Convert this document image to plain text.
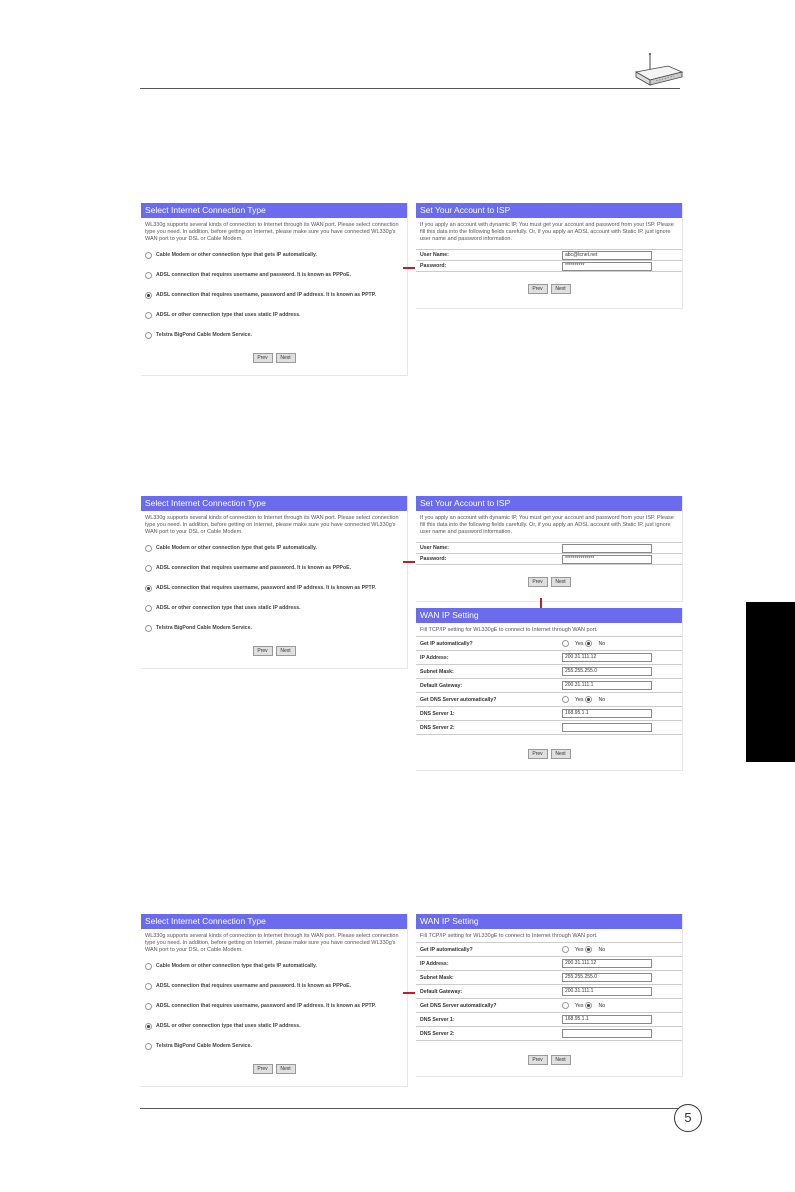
Select Internet Connection Type
WL330g supports several kinds of connection to Internet through its WAN port. Please select connection type you need. In addition, before getting on Internet, please make sure you have connected WL330g's WAN port to your DSL or Cable Modem.
Cable Modem or other connection type that gets IP automatically.
ADSL connection that requires username and password. It is known as PPPoE.
ADSL connection that requires username, password and IP address. It is known as PPTP.
ADSL or other connection type that uses static IP address.
Telstra BigPond Cable Modem Service.
Prev	Next
Set Your Account to ISP
If you apply an account with dynamic IP, You must get your account and password from your ISP. Please fill this data into the following fields carefully. Or, if you apply an ADSL account with Static IP, just ignore user name and password information.
User Name:	abc@tcnet.net
Password:	**********
Prev	Next
Select Internet Connection Type
WL330g supports several kinds of connection to Internet through its WAN port. Please select connection type you need. In addition, before getting on Internet, please make sure you have connected WL330g's WAN port to your DSL or Cable Modem.
Cable Modem or other connection type that gets IP automatically.
ADSL connection that requires username and password. It is known as PPPoE.
ADSL connection that requires username, password and IP address. It is known as PPTP.
ADSL or other connection type that uses static IP address.
Telstra BigPond Cable Modem Service.
Prev	Next
Set Your Account to ISP
If you apply an account with dynamic IP, You must get your account and password from your ISP. Please fill this data into the following fields carefully. Or, if you apply an ADSL account with Static IP, just ignore user name and password information.
User Name:
Password:	***************
Prev	Next
WAN IP Setting
Fill TCP/IP setting for WL330gE to connect to Internet through WAN port.
Get IP automatically?	Yes	No
IP Address:	200.31.111.12
Subnet Mask:	255.255.255.0
Default Gateway:	200.31.111.1
Get DNS Server automatically?	Yes	No
DNS Server 1:	168.95.1.1
DNS Server 2:
Prev	Next
Select Internet Connection Type
WL330g supports several kinds of connection to Internet through its WAN port. Please select connection type you need. In addition, before getting on Internet, please make sure you have connected WL330g's WAN port to your DSL or Cable Modem.
Cable Modem or other connection type that gets IP automatically.
ADSL connection that requires username and password. It is known as PPPoE.
ADSL connection that requires username, password and IP address. It is known as PPTP.
ADSL or other connection type that uses static IP address.
Telstra BigPond Cable Modem Service.
Prev	Next
WAN IP Setting
Fill TCP/IP setting for WL330gE to connect to Internet through WAN port.
Get IP automatically?	Yes	No
IP Address:	200.31.111.12
Subnet Mask:	255.255.255.0
Default Gateway:	200.31.111.1
Get DNS Server automatically?	Yes	No
DNS Server 1:	168.95.1.1
DNS Server 2:
Prev	Next
5
